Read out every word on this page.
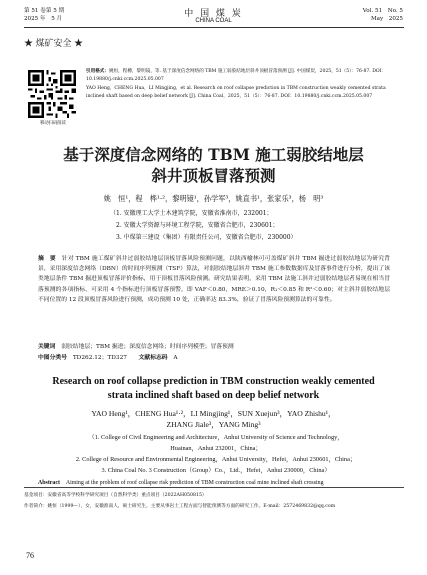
第 51 卷第 5 期
2025 年　5 月	中 国 煤 炭
CHINA COAL
Vol. 51　No. 5
May　2025
★ 煤矿安全 ★
移动扫码阅读
引用格式：姚恒，程樽，黎明镜，等. 基于深度信念网络的 TBM 施工弱胶结地层斜井顶板冒落预测 [J]. 中国煤炭，2025，51（5）：76-87. DOI：10.19880/j.cnki.ccm.2025.05.007
YAO Heng，CHENG Hua，LI Mingjing，et al. Research on roof collapse prediction in TBM construction weakly cemented strata inclined shaft based on deep belief network [J]. China Coal，2025，51（5）：76-87. DOI：10.19880/j.cnki.ccm.2025.05.007
基于深度信念网络的 TBM 施工弱胶结地层
斜井顶板冒落预测
姚　恒¹，程　桦¹·²，黎明镜¹，孙学军³，姚直书¹，张家乐³，杨　明³
（1. 安徽理工大学土木建筑学院，安徽省淮南市，232001；
2. 安徽大学资源与环境工程学院，安徽省合肥市，230601；
3. 中煤第三建设（集团）有限责任公司，安徽省合肥市，230000）
摘　要　 针对 TBM 施工煤矿斜井过弱胶结地层顶板冒落风险预测问题，以陕西榆林可可盖煤矿斜井 TBM 掘进过弱胶结地层为研究背景，采用深度信念网络（DBN）的时间序列预测（TSF）算法，对弱胶结地层斜井 TBM 施工参数数据库及冒落事件进行分析，提出了该类地层条件 TBM 掘进顶板冒落评价指标，用于顶板冒落风险预测。研究结果表明，采用 TBM 法施工斜井过弱胶结地层者易现在相当冒落预测的各项指标，可采用 4 个指标进行顶板冒落预警，即 VAF＜0.80，MRE＞0.10，R₁＜0.85 和 R²＜0.60；对主斜井弱胶结地层不同位置的 12 段顶板冒落风险进行预测，成功预测 10 处，正确率达 83.3%，验证了冒落风险预测算法的可靠性。
关键词　 弱胶结地层；TBM 掘进；深度信念网络；时间序列模型；冒落预测
中图分类号　 TD262.12；TD327　　 文献标志码　 A
Research on roof collapse prediction in TBM construction weakly cemented
strata inclined shaft based on deep belief network
YAO Heng¹，CHENG Hua¹·²，LI Mingjing¹，SUN Xuejun³，YAO Zhishu¹，
ZHANG Jiale³，YANG Ming³
（1. College of Civil Engineering and Architecture，Anhui University of Science and Technology，
Huainan，Anhui 232001，China；
2. College of Resource and Environmental Engineering，Anhui University，Hefei，Anhui 230601，China；
3. China Coal No. 3 Construction（Group）Co.，Ltd.，Hefei，Anhui 230000，China）
Abstract　 Aiming at the problem of roof collapse risk prediction of TBM construction coal mine inclined shaft crossing
基金项目：安徽省高等学校科学研究项目（自然科学类）重点项目（2022AH050815）
作者简介：姚恒（1999—），女，安徽淮南人，硕士研究生，主要从事岩土工程方面与智能预测等方面的研究工作。E-mail：2572469832@qq.com
76
